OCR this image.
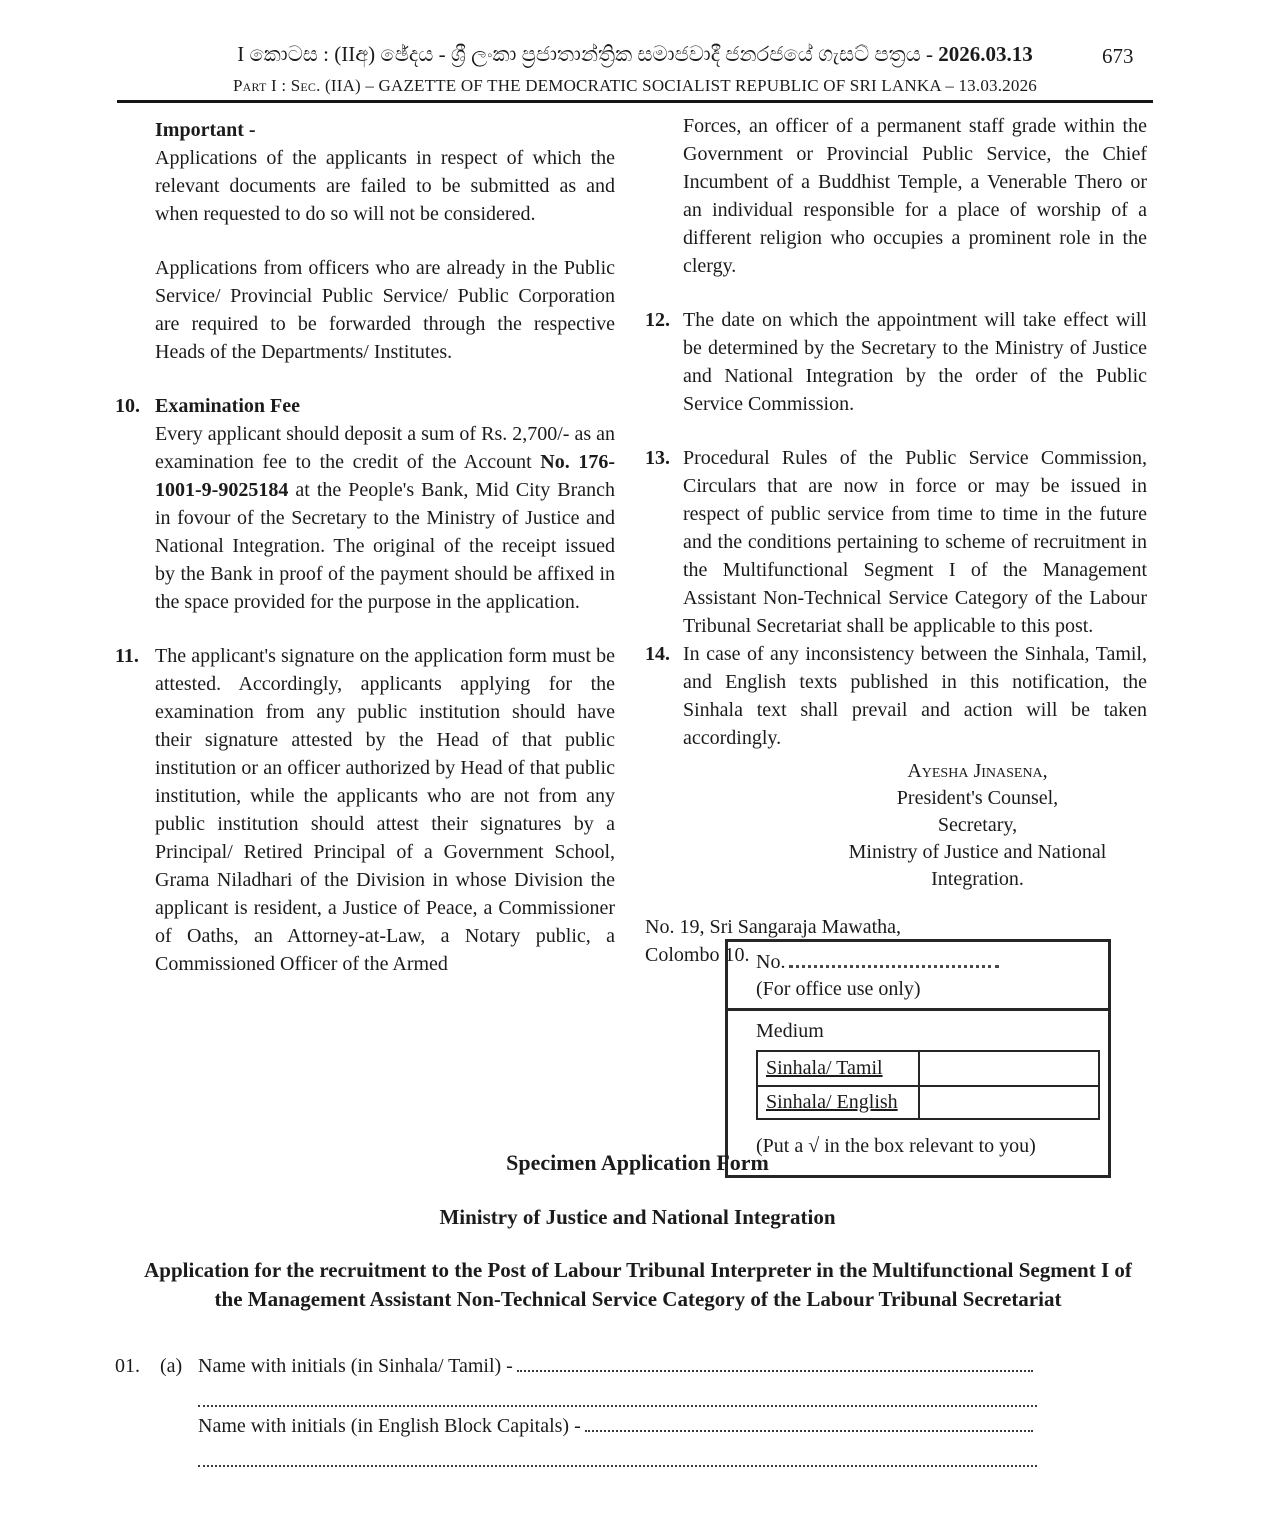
I කොටස : (IIඅ) ඡේදය - ශ්‍රී ලංකා ප්‍රජාතාන්ත්‍රික සමාජවාදී ජනරජයේ ගැසට් පත්‍රය - 2026.03.13	673
Part I : Sec. (IIA) – GAZETTE OF THE DEMOCRATIC SOCIALIST REPUBLIC OF SRI LANKA – 13.03.2026
Important -
Applications of the applicants in respect of which the relevant documents are failed to be submitted as and when requested to do so will not be considered.
Applications from officers who are already in the Public Service/ Provincial Public Service/ Public Corporation are required to be forwarded through the respective Heads of the Departments/ Institutes.
10. Examination Fee
Every applicant should deposit a sum of Rs. 2,700/- as an examination fee to the credit of the Account No. 176-1001-9-9025184 at the People's Bank, Mid City Branch in fovour of the Secretary to the Ministry of Justice and National Integration. The original of the receipt issued by the Bank in proof of the payment should be affixed in the space provided for the purpose in the application.
11. The applicant's signature on the application form must be attested. Accordingly, applicants applying for the examination from any public institution should have their signature attested by the Head of that public institution or an officer authorized by Head of that public institution, while the applicants who are not from any public institution should attest their signatures by a Principal/ Retired Principal of a Government School, Grama Niladhari of the Division in whose Division the applicant is resident, a Justice of Peace, a Commissioner of Oaths, an Attorney-at-Law, a Notary public, a Commissioned Officer of the Armed
Forces, an officer of a permanent staff grade within the Government or Provincial Public Service, the Chief Incumbent of a Buddhist Temple, a Venerable Thero or an individual responsible for a place of worship of a different religion who occupies a prominent role in the clergy.
12. The date on which the appointment will take effect will be determined by the Secretary to the Ministry of Justice and National Integration by the order of the Public Service Commission.
13. Procedural Rules of the Public Service Commission, Circulars that are now in force or may be issued in respect of public service from time to time in the future and the conditions pertaining to scheme of recruitment in the Multifunctional Segment I of the Management Assistant Non-Technical Service Category of the Labour Tribunal Secretariat shall be applicable to this post.
14. In case of any inconsistency between the Sinhala, Tamil, and English texts published in this notification, the Sinhala text shall prevail and action will be taken accordingly.
Ayesha Jinasena,
President's Counsel,
Secretary,
Ministry of Justice and National Integration.
No. 19, Sri Sangaraja Mawatha,
Colombo 10. No.
(For office use only)
Medium
Sinhala/ Tamil
Sinhala/ English
(Put a √ in the box relevant to you)
Specimen Application Form
Ministry of Justice and National Integration
Application for the recruitment to the Post of Labour Tribunal Interpreter in the Multifunctional Segment I of the Management Assistant Non-Technical Service Category of the Labour Tribunal Secretariat
01.	(a) Name with initials (in Sinhala/ Tamil) -
Name with initials (in English Block Capitals) -
